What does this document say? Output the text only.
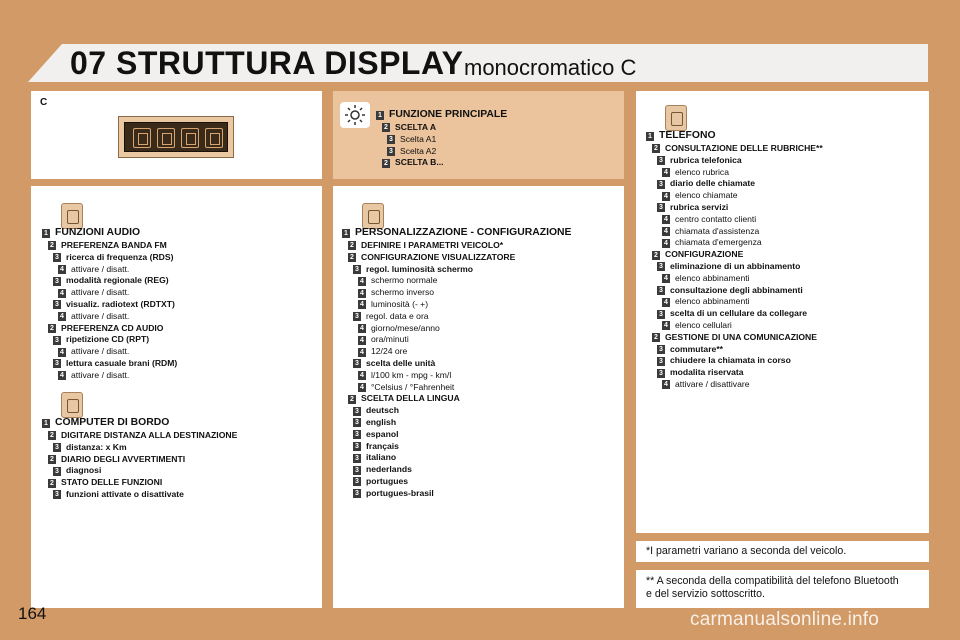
07 STRUTTURA DISPLAY monocromatico C
C
1 FUNZIONE PRINCIPALE
2 SCELTA A
3 Scelta A1
3 Scelta A2
2 SCELTA B...
1 FUNZIONI AUDIO
2 PREFERENZA BANDA FM
3 ricerca di frequenza (RDS)
4 attivare / disatt.
3 modalità regionale (REG)
4 attivare / disatt.
3 visualiz. radiotext (RDTXT)
4 attivare / disatt.
2 PREFERENZA CD AUDIO
3 ripetizione CD (RPT)
4 attivare / disatt.
3 lettura casuale brani (RDM)
4 attivare / disatt.
1 COMPUTER DI BORDO
2 DIGITARE DISTANZA ALLA DESTINAZIONE
3 distanza: x Km
2 DIARIO DEGLI AVVERTIMENTI
3 diagnosi
2 STATO DELLE FUNZIONI
3 funzioni attivate o disattivate
1 PERSONALIZZAZIONE - CONFIGURAZIONE
2 DEFINIRE I PARAMETRI VEICOLO*
2 CONFIGURAZIONE VISUALIZZATORE
3 regol. luminosità schermo
4 schermo normale
4 schermo inverso
4 luminosità (- +)
3 regol. data e ora
4 giorno/mese/anno
4 ora/minuti
4 12/24 ore
3 scelta delle unità
4 l/100 km - mpg - km/l
4 °Celsius / °Fahrenheit
2 SCELTA DELLA LINGUA
3 deutsch
3 english
3 espanol
3 français
3 italiano
3 nederlands
3 portugues
3 portugues-brasil
1 TELEFONO
2 CONSULTAZIONE DELLE RUBRICHE**
3 rubrica telefonica
4 elenco rubrica
3 diario delle chiamate
4 elenco chiamate
3 rubrica servizi
4 centro contatto clienti
4 chiamata d'assistenza
4 chiamata d'emergenza
2 CONFIGURAZIONE
3 eliminazione di un abbinamento
4 elenco abbinamenti
3 consultazione degli abbinamenti
4 elenco abbinamenti
3 scelta di un cellulare da collegare
4 elenco cellulari
2 GESTIONE DI UNA COMUNICAZIONE
3 commutare**
3 chiudere la chiamata in corso
3 modalita riservata
4 attivare / disattivare
*I parametri variano a seconda del veicolo.
** A seconda della compatibilità del telefono Bluetooth
e del servizio sottoscritto.
164	carmanualsonline.info
